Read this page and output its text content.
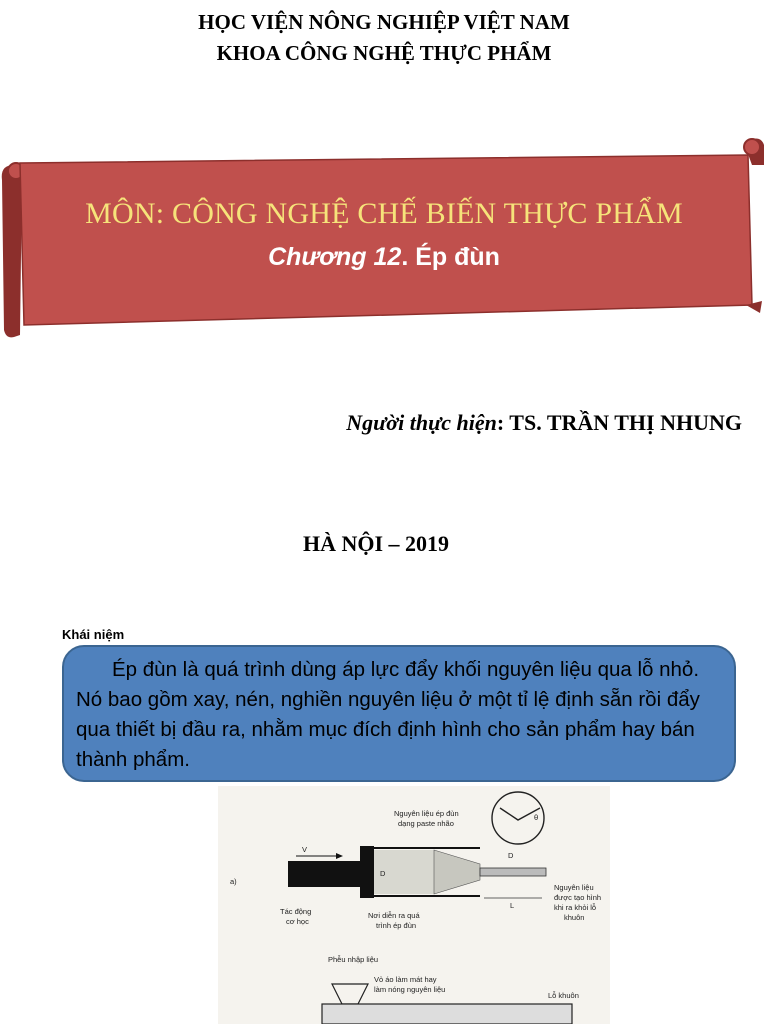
HỌC VIỆN NÔNG NGHIỆP VIỆT NAM
KHOA CÔNG NGHỆ THỰC PHẨM
MÔN: CÔNG NGHỆ CHẾ BIẾN THỰC PHẨM
Chương 12. Ép đùn
Người thực hiện: TS. TRẦN THỊ NHUNG
HÀ NỘI – 2019
Khái niệm
Ép đùn là quá trình dùng áp lực đẩy khối nguyên liệu qua lỗ nhỏ. Nó bao gồm xay, nén, nghiền nguyên liệu ở một tỉ lệ định sẵn rồi đẩy qua thiết bị đầu ra, nhằm mục đích định hình cho sản phẩm hay bán thành phẩm.
a)
V
D
D
L
θ
Nguyên liệu ép đùn
dạng paste nhão
Tác động
cơ học
Nơi diễn ra quá
trình ép đùn
Nguyên liệu
được tạo hình
khi ra khỏi lỗ
khuôn
Phễu nhập liệu
Vỏ áo làm mát hay
làm nóng nguyên liệu
Lỗ khuôn
